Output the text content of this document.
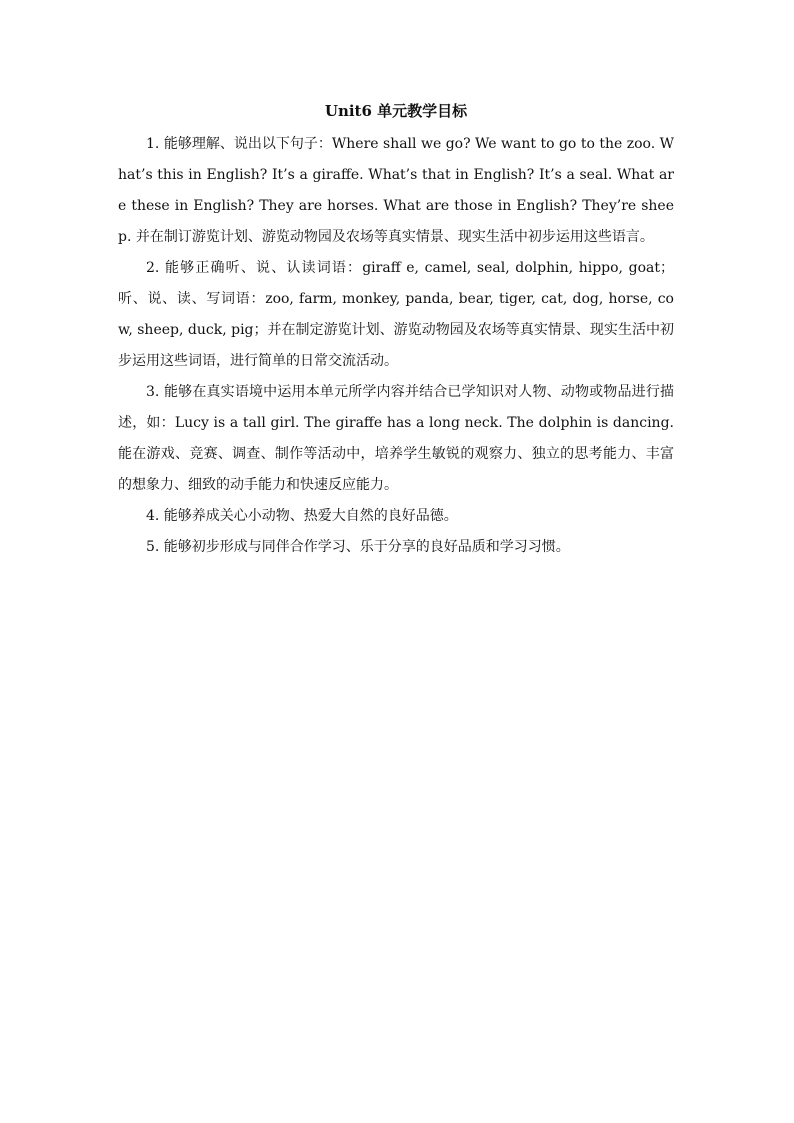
Unit6 单元教学目标

1. 能够理解、说出以下句子：Where shall we go? We want to go to the zoo. What’s this in English? It’s a giraffe. What’s that in English? It’s a seal. What are these in English? They are horses. What are those in English? They’re sheep. 并在制订游览计划、游览动物园及农场等真实情景、现实生活中初步运用这些语言。

2. 能够正确听、说、认读词语：giraff e, camel, seal, dolphin, hippo, goat；听、说、读、写词语：zoo, farm, monkey, panda, bear, tiger, cat, dog, horse, cow, sheep, duck, pig；并在制定游览计划、游览动物园及农场等真实情景、现实生活中初步运用这些词语，进行简单的日常交流活动。

3. 能够在真实语境中运用本单元所学内容并结合已学知识对人物、动物或物品进行描述，如：Lucy is a tall girl. The giraffe has a long neck. The dolphin is dancing. 能在游戏、竞赛、调查、制作等活动中，培养学生敏锐的观察力、独立的思考能力、丰富的想象力、细致的动手能力和快速反应能力。

4. 能够养成关心小动物、热爱大自然的良好品德。

5. 能够初步形成与同伴合作学习、乐于分享的良好品质和学习习惯。
